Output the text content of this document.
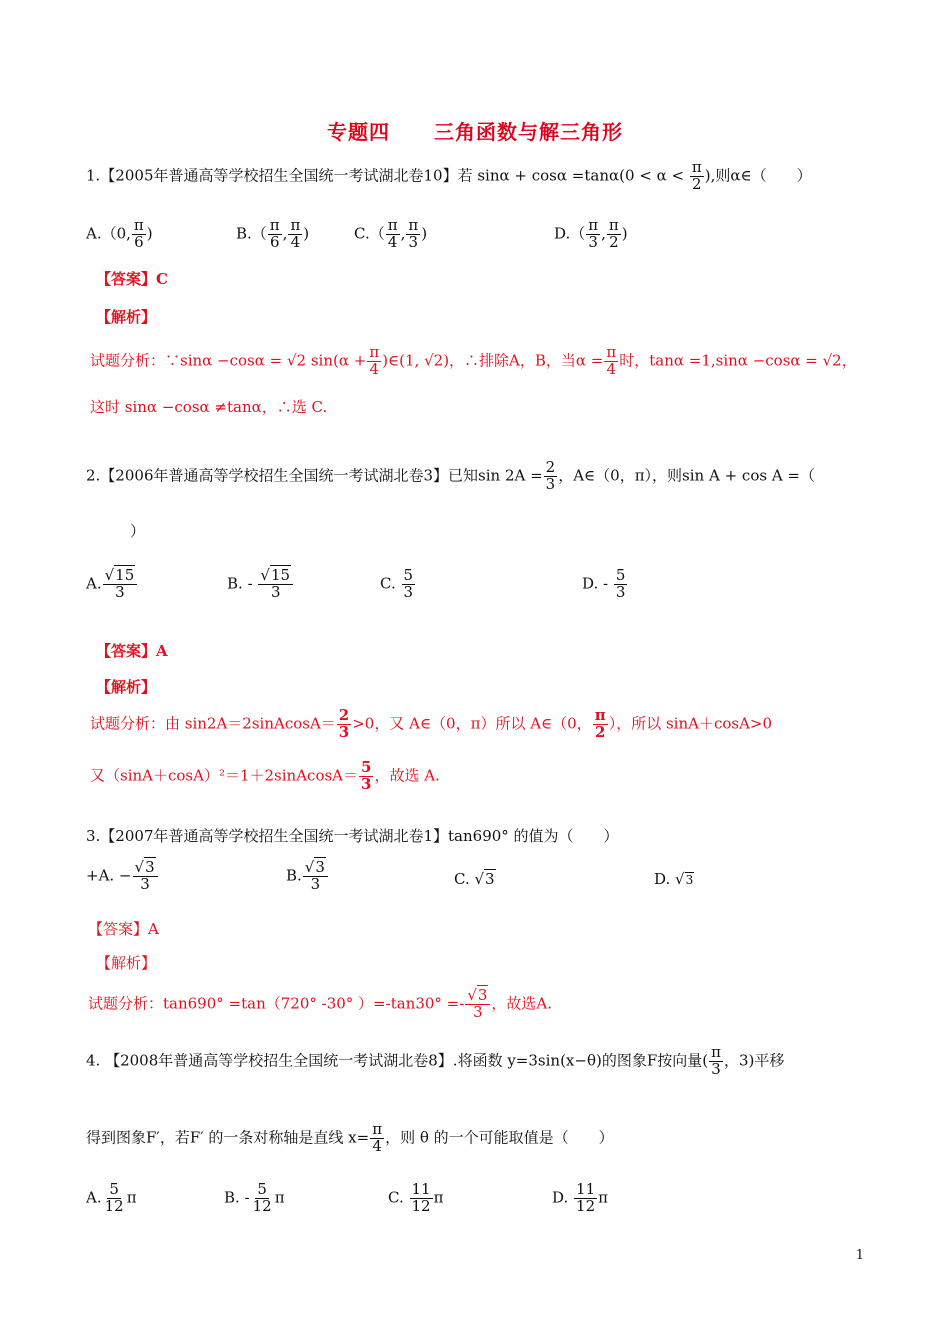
专题四 三角函数与解三角形
1.【2005年普通高等学校招生全国统一考试湖北卷10】若 $\sin\alpha + \cos\alpha =\tan\alpha(0 < \alpha < \frac{\pi}{2}$ ),则α∈（　　）
A.（0, $\frac{\pi}{6}$ )	$B.( \frac{\pi}{6}$ , $\frac{\pi}{4}$ )	$C.( \frac{\pi}{4}$ , $\frac{\pi}{3}$ )	$D.( \frac{\pi}{3}$ , $\frac{\pi}{2}$ )
【答案】C
【解析】
试题分析：∵sinα −cosα = √2 $\sin(\alpha + \frac{\pi}{4}$ )∈(1, √2)，∴排除A，B，当$\alpha = \frac{\pi}{4}$ 时，tanα =1,sinα −cosα = √2，
这时 sinα −cosα ≠tanα，∴选 C.
2.【2006年普通高等学校招生全国统一考试湖北卷3】已知$\sin 2A = \frac{2}{3}$ ，A∈（0，π），则sin A + cos A =（
）
A. $\frac{√15}{3}$	B. - $\frac{√15}{3}$	C. $\frac{5}{3}$	D. - $\frac{5}{3}$
【答案】A
【解析】
试题分析：由 sin2A＝2sinAcosA＝ $\frac{2}{3} >0$，又 A∈（0，π）所以 A∈（0， $\frac{\pi}{2}$ ），所以 sinA＋cosA>0
又（sinA＋cosA）²＝1＋2sinAcosA＝ $\frac{5}{3}$ ，故选 A.
3.【2007年普通高等学校招生全国统一考试湖北卷1】tan690° 的值为（　　）
+A. − $\frac{√3}{3}$	B. $\frac{√3}{3}$	C. √3	D. √3
【答案】A
【解析】
试题分析：tan690° =tan（720° -30° ）$=-\tan 30^\circ =- \frac{√3}{3}$ ，故选A.
4. 【2008年普通高等学校招生全国统一考试湖北卷8】.将函数 y=3sin(x−θ)的图象F按向量( $\frac{\pi}{3}$ ，3)平移
得到图象F′，若F′ 的一条对称轴是直线 $x= \frac{\pi}{4}$ ，则 θ 的一个可能取值是（　　）
A. $\frac{5}{12}$ π	B. - $\frac{5}{12}$ π	C. $\frac{11}{12}$ π	D. $\frac{11}{12}$ π
1
